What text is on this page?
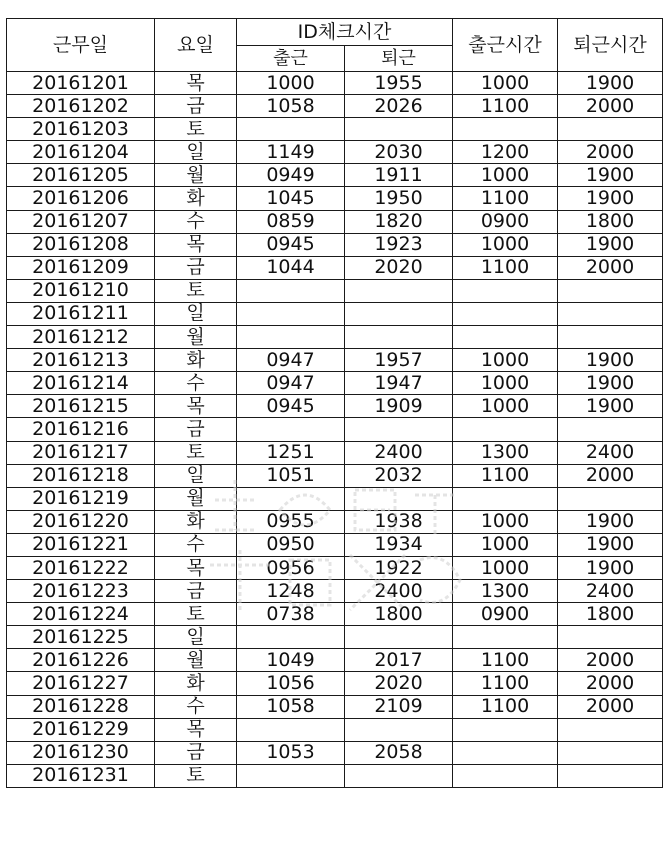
근무일	요일	ID체크시간		출근시간	퇴근시간
		출근	퇴근		
20161201	목	1000	1955	1000	1900
20161202	금	1058	2026	1100	2000
20161203	토				
20161204	일	1149	2030	1200	2000
20161205	월	0949	1911	1000	1900
20161206	화	1045	1950	1100	1900
20161207	수	0859	1820	0900	1800
20161208	목	0945	1923	1000	1900
20161209	금	1044	2020	1100	2000
20161210	토				
20161211	일				
20161212	월				
20161213	화	0947	1957	1000	1900
20161214	수	0947	1947	1000	1900
20161215	목	0945	1909	1000	1900
20161216	금				
20161217	토	1251	2400	1300	2400
20161218	일	1051	2032	1100	2000
20161219	월				
20161220	화	0955	1938	1000	1900
20161221	수	0950	1934	1000	1900
20161222	목	0956	1922	1000	1900
20161223	금	1248	2400	1300	2400
20161224	토	0738	1800	0900	1800
20161225	일				
20161226	월	1049	2017	1100	2000
20161227	화	1056	2020	1100	2000
20161228	수	1058	2109	1100	2000
20161229	목				
20161230	금	1053	2058		
20161231	토				
